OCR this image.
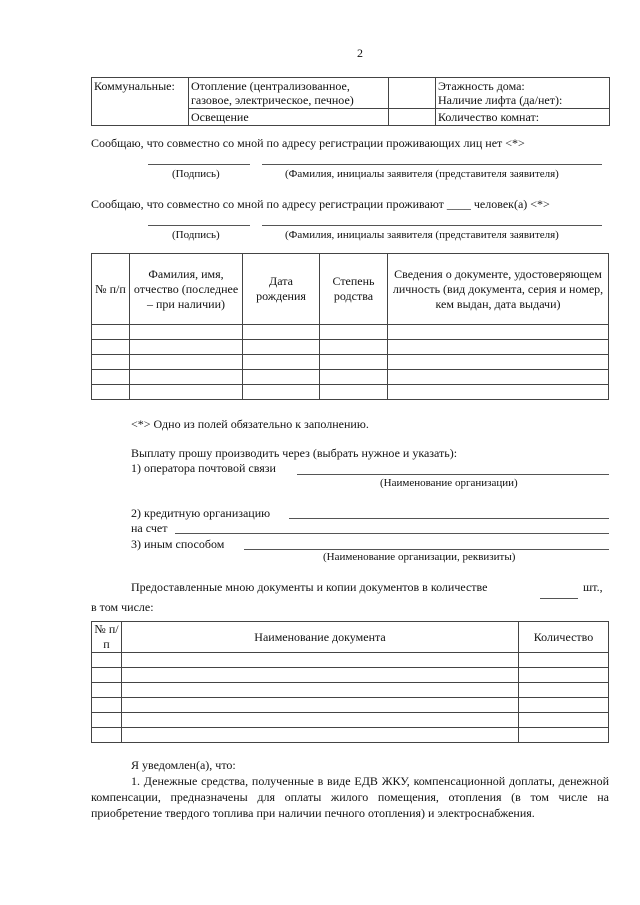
2
Коммунальные:	Отопление (централизованное, газовое, электрическое, печное)		Этажность дома:
Наличие лифта (да/нет):

	Освещение		Количество комнат:
Сообщаю, что совместно со мной по адресу регистрации проживающих лиц нет <*>
(Подпись)	(Фамилия, инициалы заявителя (представителя заявителя)
Сообщаю, что совместно со мной по адресу регистрации проживают ____ человек(а) <*>
(Подпись)	(Фамилия, инициалы заявителя (представителя заявителя)
№ п/п	Фамилия, имя, отчество (последнее – при наличии)	Дата рождения	Степень родства	Сведения о документе, удостоверяющем личность (вид документа, серия и номер, кем выдан, дата выдачи)

<*> Одно из полей обязательно к заполнению.
Выплату прошу производить через (выбрать нужное и указать):
1) оператора почтовой связи
(Наименование организации)
2) кредитную организацию
на счет
3) иным способом
(Наименование организации, реквизиты)
Предоставленные мною документы и копии документов в количестве	шт.,
в том числе:
№ п/п	Наименование документа	Количество

Я уведомлен(а), что:
1. Денежные средства, полученные в виде ЕДВ ЖКУ, компенсационной доплаты, денежной компенсации, предназначены для оплаты жилого помещения, отопления (в том числе на приобретение твердого топлива при наличии печного отопления) и электроснабжения.
